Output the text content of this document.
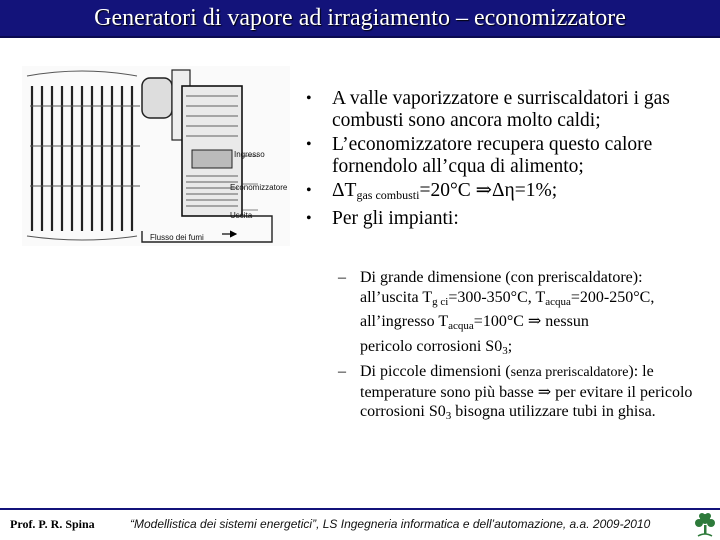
Generatori di vapore ad irragiamento – economizzatore
Ingresso
Economizzatore
Uscita
Flusso dei fumi
• A valle vaporizzatore e surriscaldatori i gas combusti sono ancora molto caldi;
• L’economizzatore recupera questo calore fornendolo all’cqua di alimento;
• $\Delta T_{gas combusti}=20^\circ C$ ⇒Δη=1%;
• Per gli impianti:
– Di grande dimensione (con preriscaldatore):
all’uscita Tg ci=300-350°C, Tacqua=200-250°C,
all’ingresso Tacqua=100°C ⇒ nessun
pericolo corrosioni S03;
– Di piccole dimensioni (senza preriscaldatore): le temperature sono più basse ⇒ per evitare il pericolo corrosioni S03 bisogna utilizzare tubi in ghisa.
Prof. P. R. Spina	“Modellistica dei sistemi energetici”, LS Ingegneria informatica e dell’automazione, a.a. 2009-2010
